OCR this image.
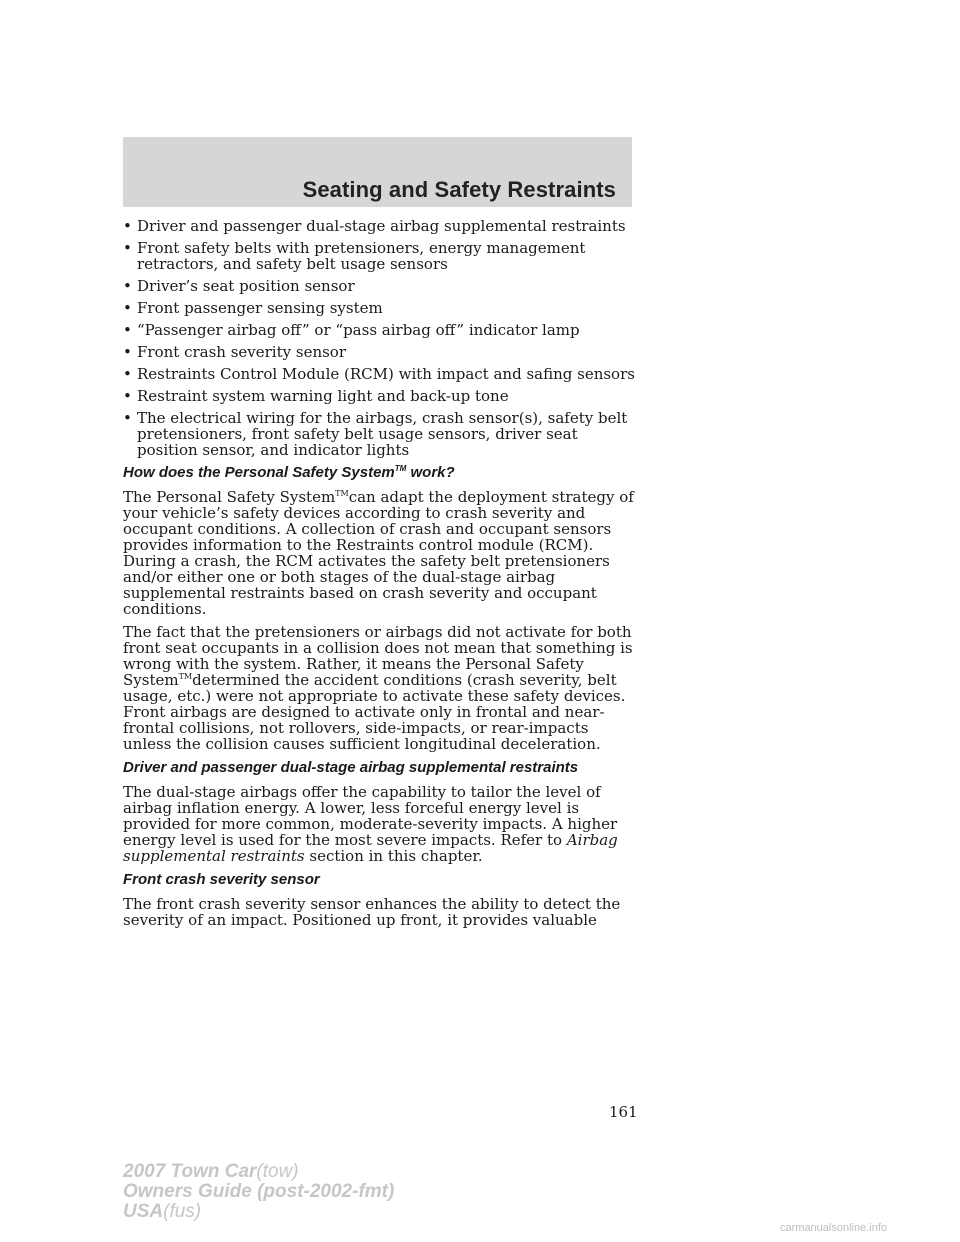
Seating and Safety Restraints
• Driver and passenger dual-stage airbag supplemental restraints
• Front safety belts with pretensioners, energy management retractors, and safety belt usage sensors
• Driver’s seat position sensor
• Front passenger sensing system
• “Passenger airbag off” or “pass airbag off” indicator lamp
• Front crash severity sensor
• Restraints Control Module (RCM) with impact and safing sensors
• Restraint system warning light and back-up tone
• The electrical wiring for the airbags, crash sensor(s), safety belt pretensioners, front safety belt usage sensors, driver seat position sensor, and indicator lights
How does the Personal Safety System™ work?

The Personal Safety System™can adapt the deployment strategy of your vehicle’s safety devices according to crash severity and occupant conditions. A collection of crash and occupant sensors provides information to the Restraints control module (RCM). During a crash, the RCM activates the safety belt pretensioners and/or either one or both stages of the dual-stage airbag supplemental restraints based on crash severity and occupant conditions.

The fact that the pretensioners or airbags did not activate for both front seat occupants in a collision does not mean that something is wrong with the system. Rather, it means the Personal Safety System™determined the accident conditions (crash severity, belt usage, etc.) were not appropriate to activate these safety devices. Front airbags are designed to activate only in frontal and near-frontal collisions, not rollovers, side-impacts, or rear-impacts unless the collision causes sufficient longitudinal deceleration.

Driver and passenger dual-stage airbag supplemental restraints

The dual-stage airbags offer the capability to tailor the level of airbag inflation energy. A lower, less forceful energy level is provided for more common, moderate-severity impacts. A higher energy level is used for the most severe impacts. Refer to Airbag supplemental restraints section in this chapter.

Front crash severity sensor

The front crash severity sensor enhances the ability to detect the severity of an impact. Positioned up front, it provides valuable

161
2007 Town Car(tow)
Owners Guide (post-2002-fmt)
USA(fus)
carmanualsonline.info
